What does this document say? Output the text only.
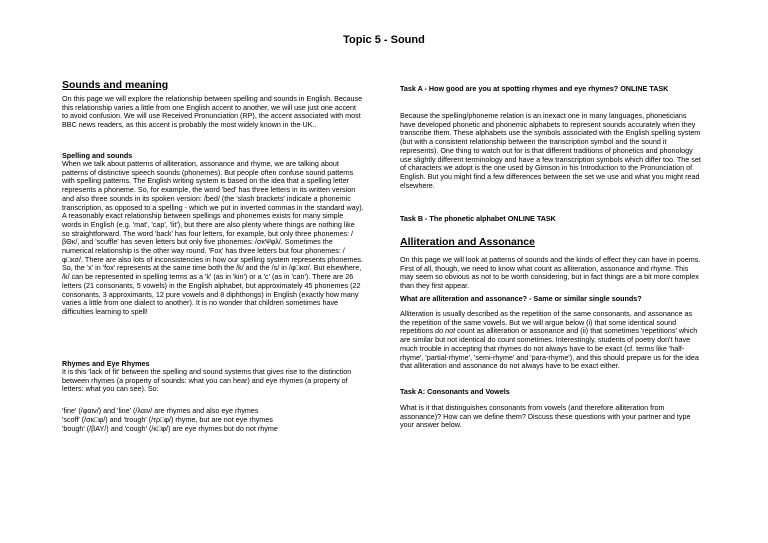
Topic 5 - Sound
Sounds and meaning
On this page we will explore the relationship between spelling and sounds in English. Because this relationship varies a little from one English accent to another, we will use just one accent to avoid confusion. We will use Received Pronunciation (RP), the accent associated with most BBC news readers, as this accent is probably the most widely known in the UK..
Spelling and sounds
When we talk about patterns of alliteration, assonance and rhyme, we are talking about patterns of distinctive speech sounds (phonemes). But people often confuse sound patterns with spelling patterns. The English writing system is based on the idea that a spelling letter represents a phoneme. So, for example, the word 'bed' has three letters in its written version and also three sounds in its spoken version: /bed/ (the 'slash brackets' indicate a phonemic transcription, as opposed to a spelling - which we put in inverted commas in the standard way). A reasonably exact relationship between spellings and phonemes exists for many simple words in English (e.g. 'mat', 'cap', 'lit'), but there are also plenty where things are nothing like so straightforward. The word 'back' has four letters, for example, but only three phonemes: /βΘκ/, and 'scuffle' has seven letters but only five phonemes: /σκΨφλ/. Sometimes the numerical relationship is the other way round. 'Fox' has three letters but four phonemes: /φ□κσ/. There are also lots of inconsistencies in how our spelling system represents phonemes. So, the 'x' in 'fox' represents at the same time both the /k/ and the /s/ in /φ□κσ/. But elsewhere, /k/ can be represented in spelling terms as a 'k' (as in 'kin') or a 'c' (as in 'can'). There are 26 letters (21 consonants, 5 vowels) in the English alphabet, but approximately 45 phonemes (22 consonants, 3 approximants, 12 pure vowels and 8 diphthongs) in English (exactly how many varies a little from one dialect to another). It is no wonder that children sometimes have difficulties learning to spell!
Rhymes and Eye Rhymes
It is this 'lack of fit' between the spelling and sound systems that gives rise to the distinction between rhymes (a property of sounds: what you can hear) and eye rhymes (a property of letters: what you can see). So:
'fine' (/φαιν/) and 'line' (/λαιν/ are rhymes and also eye rhymes
'scoff' (/σκ□φ/) and 'trough' (/τρ□φ/) rhyme, but are not eye rhymes
'bough' (/βΑΥ/) and 'cough' (/κ□φ/) are eye rhymes but do not rhyme
Task A - How good are you at spotting rhymes and eye rhymes? ONLINE TASK
Because the spelling/phoneme relation is an inexact one in many languages, phoneticians have developed phonetic and phonemic alphabets to represent sounds accurately when they transcribe them. These alphabets use the symbols associated with the English spelling system (but with a consistent relationship between the transcription symbol and the sound it represents). One thing to watch out for is that different traditions of phonetics and phonology use slightly different terminology and have a few transcription symbols which differ too. The set of characters we adopt is the one used by Gimson in his Introduction to the Pronunciation of English. But you might find a few differences between the set we use and what you might read elsewhere.
Task B - The phonetic alphabet ONLINE TASK
Alliteration and Assonance
On this page we will look at patterns of sounds and the kinds of effect they can have in poems. First of all, though, we need to know what count as alliteration, assonance and rhyme. This may seem so obvious as not to be worth considering, but in fact things are a bit more complex than they first appear.
What are alliteration and assonance? - Same or similar single sounds?
Alliteration is usually described as the repetition of the same consonants, and assonance as the repetition of the same vowels. But we will argue below (i) that some identical sound repetitions do not count as alliteration or assonance and (ii) that sometimes 'repetitions' which are similar but not identical do count sometimes. Interestingly, students of poetry don't have much trouble in accepting that rhymes do not always have to be exact (cf. terms like 'half-rhyme', 'partial-rhyme', 'semi-rhyme' and 'para-rhyme'), and this should prepare us for the idea that alliteration and assonance do not always have to be exact either.
Task A: Consonants and Vowels
What is it that distinguishes consonants from vowels (and therefore alliteration from assonance)? How can we define them? Discuss these questions with your partner and type your answer below.
